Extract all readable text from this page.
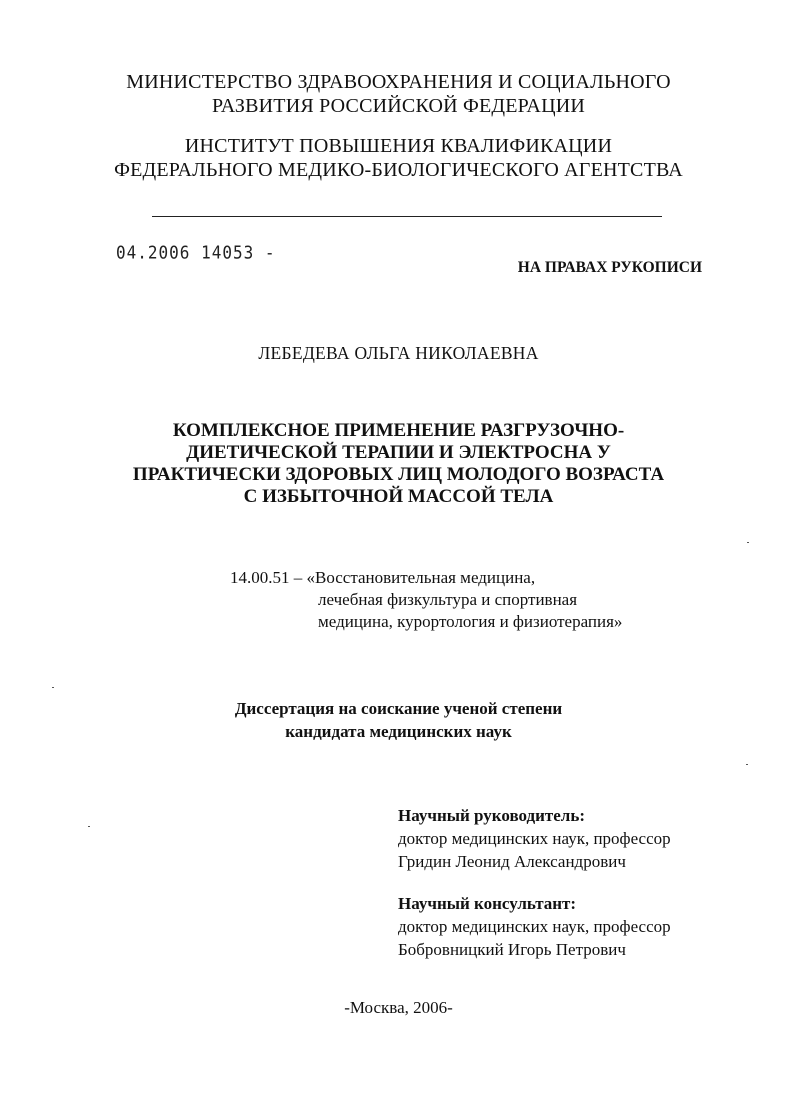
МИНИСТЕРСТВО ЗДРАВООХРАНЕНИЯ И СОЦИАЛЬНОГО
РАЗВИТИЯ РОССИЙСКОЙ ФЕДЕРАЦИИ
ИНСТИТУТ ПОВЫШЕНИЯ КВАЛИФИКАЦИИ
ФЕДЕРАЛЬНОГО МЕДИКО-БИОЛОГИЧЕСКОГО АГЕНТСТВА
04.2006 14053 -
НА ПРАВАХ РУКОПИСИ
ЛЕБЕДЕВА ОЛЬГА НИКОЛАЕВНА
КОМПЛЕКСНОЕ ПРИМЕНЕНИЕ РАЗГРУЗОЧНО-
ДИЕТИЧЕСКОЙ ТЕРАПИИ И ЭЛЕКТРОСНА У
ПРАКТИЧЕСКИ ЗДОРОВЫХ ЛИЦ МОЛОДОГО ВОЗРАСТА
С ИЗБЫТОЧНОЙ МАССОЙ ТЕЛА
14.00.51 – «Восстановительная медицина,
лечебная физкультура и спортивная
медицина, курортология и физиотерапия»
Диссертация на соискание ученой степени
кандидата медицинских наук
Научный руководитель:
доктор медицинских наук, профессор
Гридин Леонид Александрович
Научный консультант:
доктор медицинских наук, профессор
Бобровницкий Игорь Петрович
-Москва, 2006-
